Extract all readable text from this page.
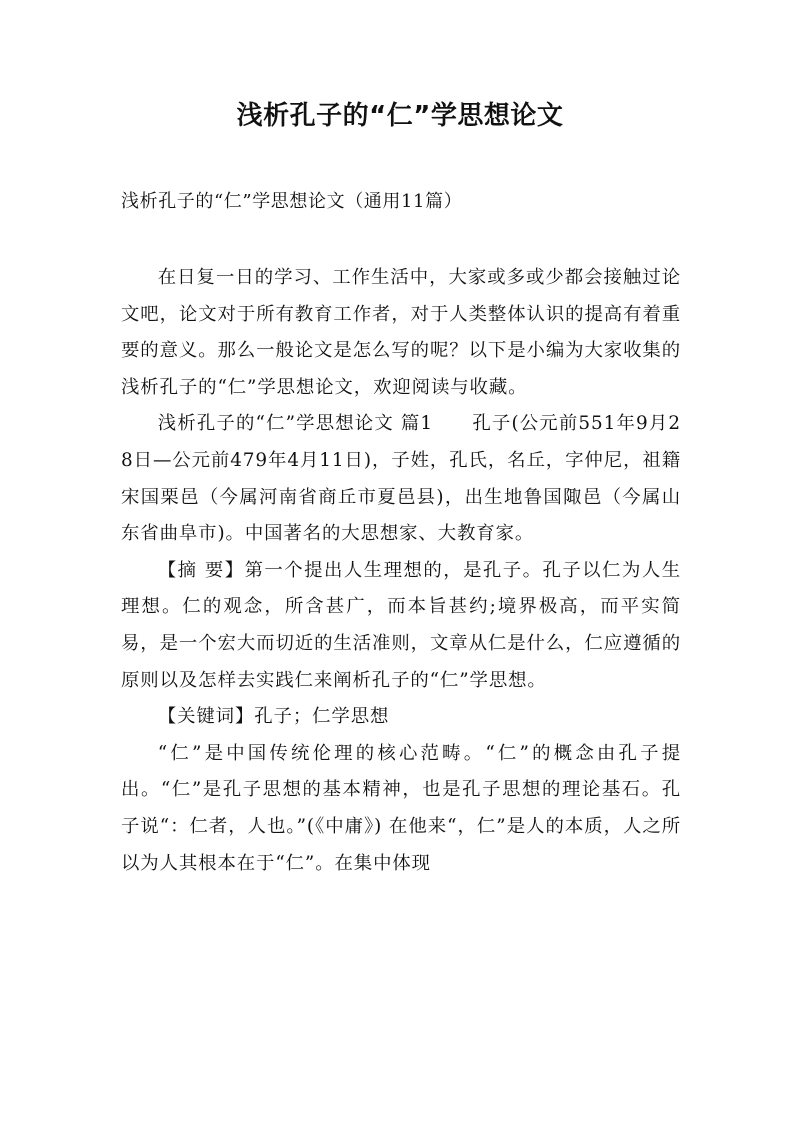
浅析孔子的“仁”学思想论文

浅析孔子的“仁”学思想论文（通用11篇）

在日复一日的学习、工作生活中，大家或多或少都会接触过论文吧，论文对于所有教育工作者，对于人类整体认识的提高有着重要的意义。那么一般论文是怎么写的呢？以下是小编为大家收集的浅析孔子的“仁”学思想论文，欢迎阅读与收藏。

浅析孔子的“仁”学思想论文 篇1　　孔子(公元前551年9月28日—公元前479年4月11日)，子姓，孔氏，名丘，字仲尼，祖籍宋国栗邑（今属河南省商丘市夏邑县)，出生地鲁国陬邑（今属山东省曲阜市)。中国著名的大思想家、大教育家。

【摘 要】第一个提出人生理想的，是孔子。孔子以仁为人生理想。仁的观念，所含甚广，而本旨甚约;境界极高，而平实简易，是一个宏大而切近的生活准则，文章从仁是什么，仁应遵循的原则以及怎样去实践仁来阐析孔子的“仁”学思想。

【关键词】孔子；仁学思想

“仁”是中国传统伦理的核心范畴。“仁”的概念由孔子提出。“仁”是孔子思想的基本精神，也是孔子思想的理论基石。孔子说“：仁者，人也。”(《中庸》) 在他来“，仁”是人的本质，人之所以为人其根本在于“仁”。在集中体现
